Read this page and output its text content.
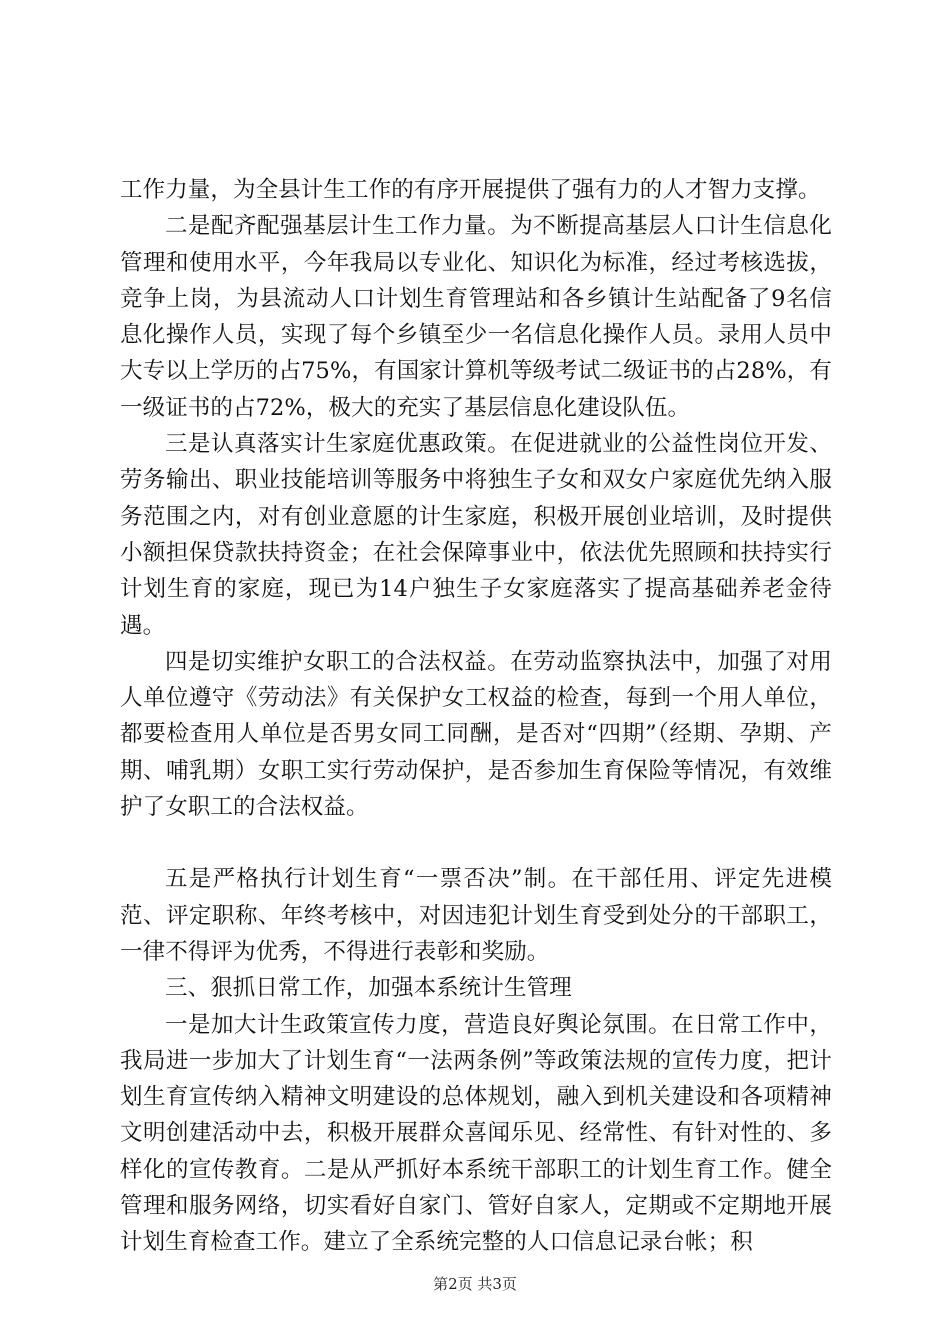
工作力量，为全县计生工作的有序开展提供了强有力的人才智力支撑。

二是配齐配强基层计生工作力量。为不断提高基层人口计生信息化管理和使用水平，今年我局以专业化、知识化为标准，经过考核选拔，竞争上岗，为县流动人口计划生育管理站和各乡镇计生站配备了9名信息化操作人员，实现了每个乡镇至少一名信息化操作人员。录用人员中大专以上学历的占75%，有国家计算机等级考试二级证书的占28%，有一级证书的占72%，极大的充实了基层信息化建设队伍。

三是认真落实计生家庭优惠政策。在促进就业的公益性岗位开发、劳务输出、职业技能培训等服务中将独生子女和双女户家庭优先纳入服务范围之内，对有创业意愿的计生家庭，积极开展创业培训，及时提供小额担保贷款扶持资金；在社会保障事业中，依法优先照顾和扶持实行计划生育的家庭，现已为14户独生子女家庭落实了提高基础养老金待遇。

四是切实维护女职工的合法权益。在劳动监察执法中，加强了对用人单位遵守《劳动法》有关保护女工权益的检查，每到一个用人单位，都要检查用人单位是否男女同工同酬，是否对“四期”（经期、孕期、产期、哺乳期）女职工实行劳动保护，是否参加生育保险等情况，有效维护了女职工的合法权益。

五是严格执行计划生育“一票否决”制。在干部任用、评定先进模范、评定职称、年终考核中，对因违犯计划生育受到处分的干部职工，一律不得评为优秀，不得进行表彰和奖励。

三、狠抓日常工作，加强本系统计生管理

一是加大计生政策宣传力度，营造良好舆论氛围。在日常工作中，我局进一步加大了计划生育“一法两条例”等政策法规的宣传力度，把计划生育宣传纳入精神文明建设的总体规划，融入到机关建设和各项精神文明创建活动中去，积极开展群众喜闻乐见、经常性、有针对性的、多样化的宣传教育。二是从严抓好本系统干部职工的计划生育工作。健全管理和服务网络，切实看好自家门、管好自家人，定期或不定期地开展计划生育检查工作。建立了全系统完整的人口信息记录台帐；积

第2页 共3页
